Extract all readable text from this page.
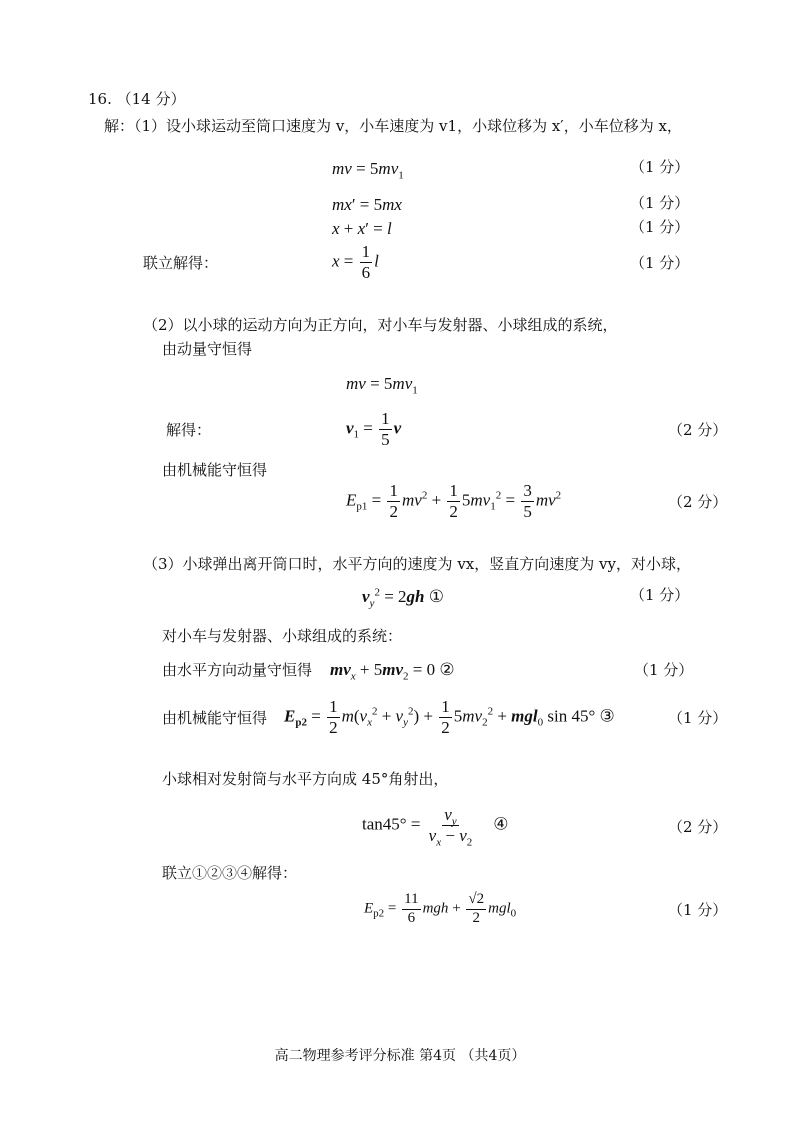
16. （14 分）
解：（1）设小球运动至筒口速度为 v，小车速度为 v1，小球位移为 x′，小车位移为 x，
mv = $5mv_1$	（1 分）
mx′ = 5mx	（1 分）
x + x′ = l	（1 分）
联立解得：	$x = \frac{1}{6}$ l	（1 分）
（2）以小球的运动方向为正方向，对小车与发射器、小球组成的系统，
由动量守恒得
mv = $5mv_1$
解得：	$v_1 = \frac{1}{5}$ v	（2 分）
由机械能守恒得
$E_{p1} = \frac{1}{2} mv^2 + \frac{1}{2} 5mv_1^2 = \frac{3}{5} mv^2$	（2 分）
（3）小球弹出离开筒口时，水平方向的速度为 vx，竖直方向速度为 vy，对小球，
$v_y^2 = 2gh$ ①	（1 分）
对小车与发射器、小球组成的系统：
由水平方向动量守恒得 $mv_x + 5mv_2 = 0$ ②	（1 分）
由机械能守恒得 $E_{p2} = \frac{1}{2} m(v_x^2 + v_y^2) + \frac{1}{2} 5mv_2^2 + mgl_0$ sin 45° ③	（1 分）
小球相对发射筒与水平方向成 45°角射出，
$\tan 45^\circ = \frac{v_y}{v_x - v_2}$ ④	（2 分）
联立①②③④解得：
$E_{p2} = \frac{11}{6}$ mgh + $\frac{√2}{2} mgl_0$	（1 分）
高二物理参考评分标准 第4页 （共4页）
